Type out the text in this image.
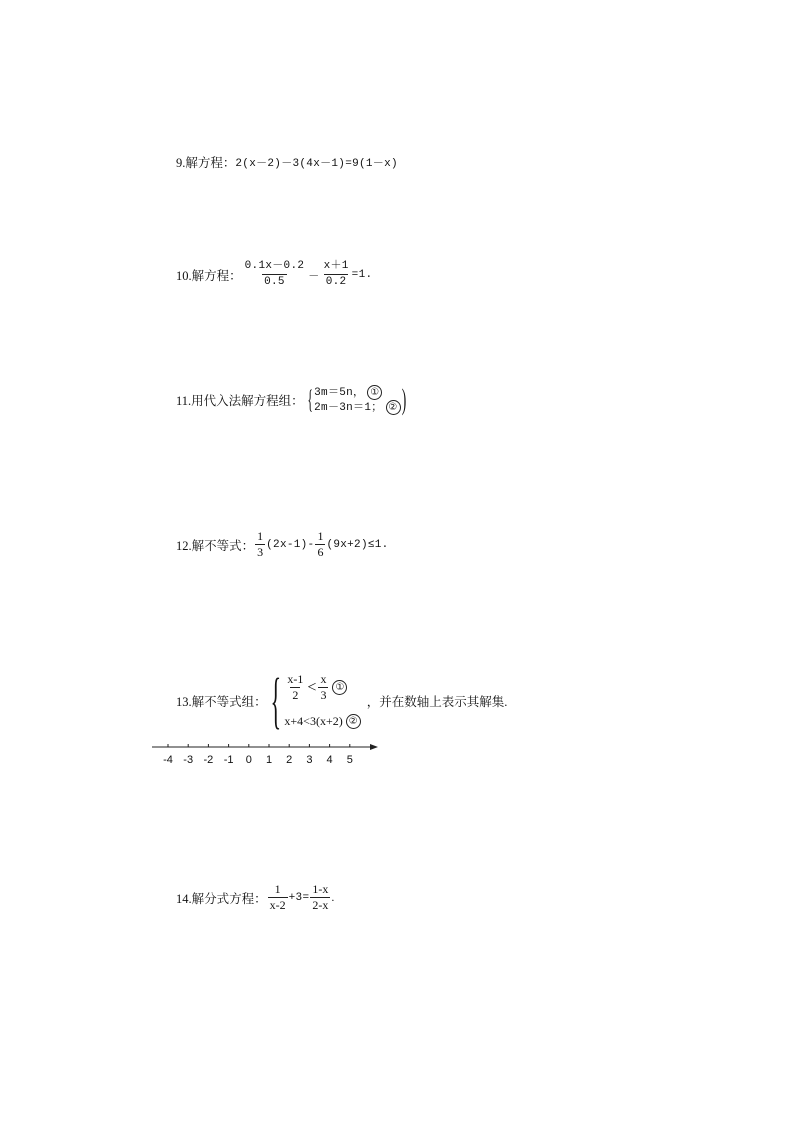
9.解方程： 2(x－2)－3(4x－1)=9(1－x)
10.解方程： $\frac{0.1x-0.2}{0.5} - \frac{x+1}{0.2} =1$.
11.用代入法解方程组： { 3m＝5n， ①
2m－3n＝1； ② )
12.解不等式： $\frac{1}{3} (2x-1)- \frac{1}{6} (9x+2)\le 1$.
13.解不等式组： { $\frac{x-1}{2} < \frac{x}{3}$ ①
x+4<3(x+2) ②
，并在数轴上表示其解集.
-4 -3 -2 -1 0 1 2 3 4 5
14.解分式方程： $\frac{1}{x-2} +3= \frac{1-x}{2-x}$ .
